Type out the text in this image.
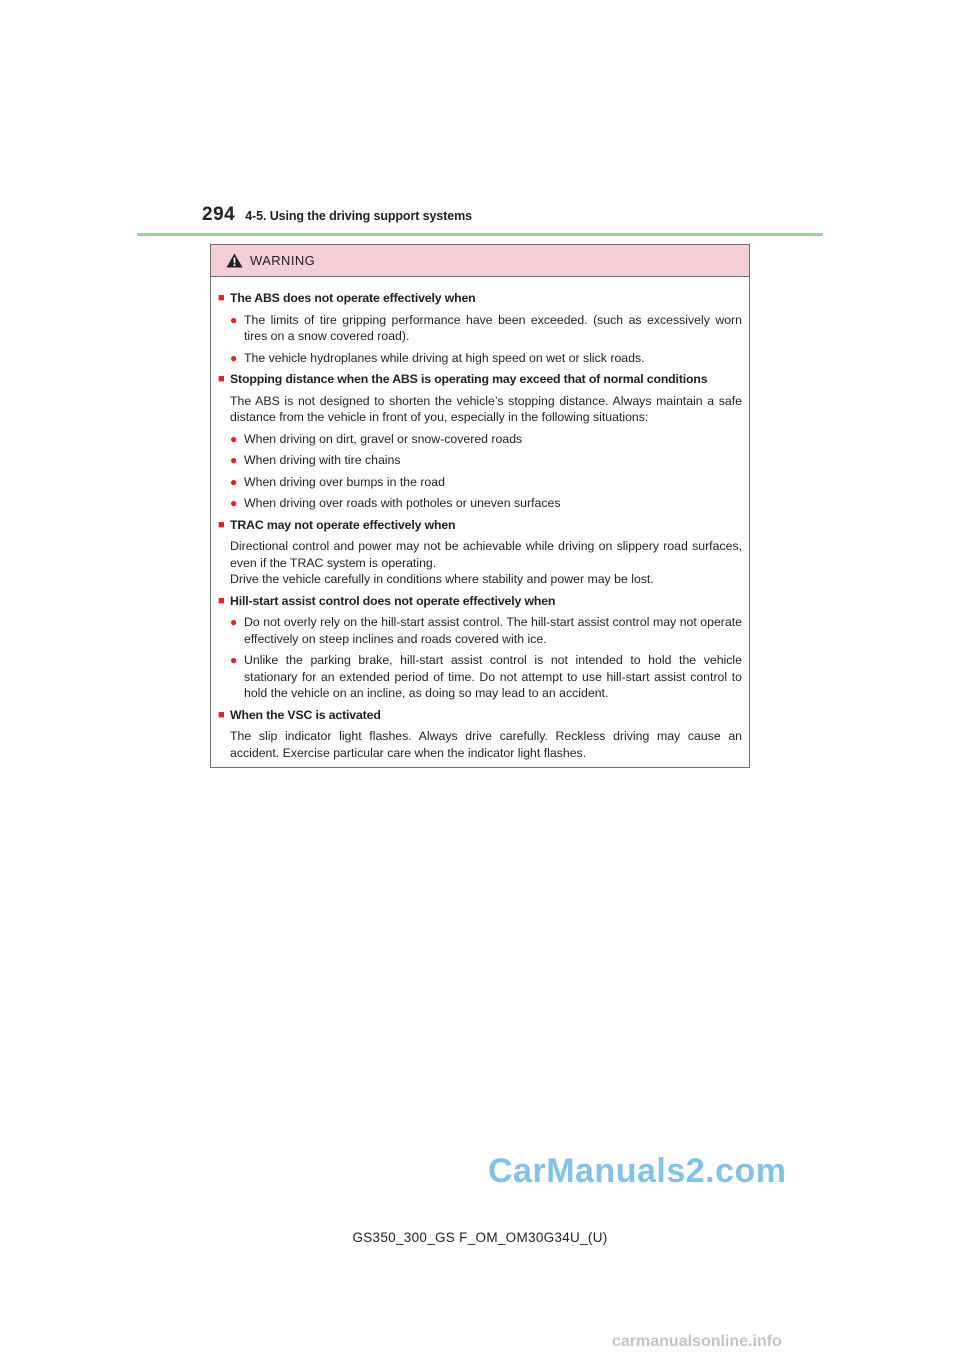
294 4-5. Using the driving support systems
WARNING
■ The ABS does not operate effectively when
● The limits of tire gripping performance have been exceeded. (such as excessively worn tires on a snow covered road).
● The vehicle hydroplanes while driving at high speed on wet or slick roads.
■ Stopping distance when the ABS is operating may exceed that of normal conditions
The ABS is not designed to shorten the vehicle’s stopping distance. Always maintain a safe distance from the vehicle in front of you, especially in the following situations:
● When driving on dirt, gravel or snow-covered roads
● When driving with tire chains
● When driving over bumps in the road
● When driving over roads with potholes or uneven surfaces
■ TRAC may not operate effectively when
Directional control and power may not be achievable while driving on slippery road surfaces, even if the TRAC system is operating.
Drive the vehicle carefully in conditions where stability and power may be lost.
■ Hill-start assist control does not operate effectively when
● Do not overly rely on the hill-start assist control. The hill-start assist control may not operate effectively on steep inclines and roads covered with ice.
● Unlike the parking brake, hill-start assist control is not intended to hold the vehicle stationary for an extended period of time. Do not attempt to use hill-start assist control to hold the vehicle on an incline, as doing so may lead to an accident.
■ When the VSC is activated
The slip indicator light flashes. Always drive carefully. Reckless driving may cause an accident. Exercise particular care when the indicator light flashes.
CarManuals2.com
GS350_300_GS F_OM_OM30G34U_(U)
carmanualsonline.info
